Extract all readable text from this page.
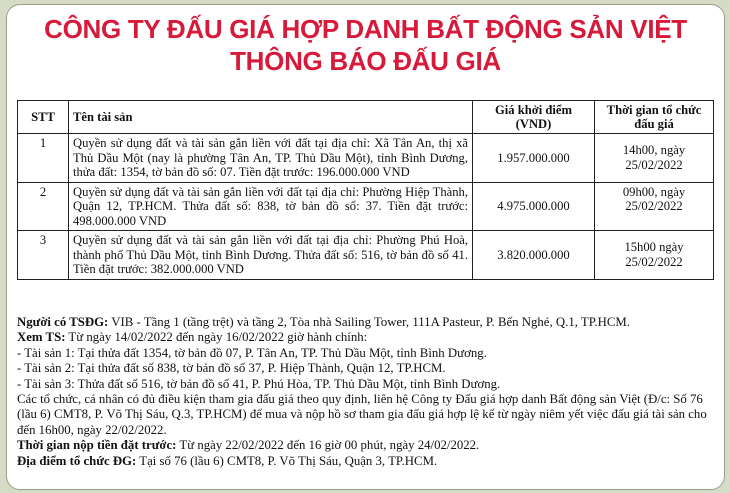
CÔNG TY ĐẤU GIÁ HỢP DANH BẤT ĐỘNG SẢN VIỆT
THÔNG BÁO ĐẤU GIÁ
STT	Tên tài sản	Giá khởi điểm (VND)	Thời gian tổ chức đấu giá
1	Quyền sử dụng đất và tài sản gắn liền với đất tại địa chỉ: Xã Tân An, thị xã Thủ Dầu Một (nay là phường Tân An, TP. Thủ Dầu Một), tỉnh Bình Dương, thửa đất: 1354, tờ bản đồ số: 07. Tiền đặt trước: 196.000.000 VND	1.957.000.000	14h00, ngày 25/02/2022
2	Quyền sử dụng đất và tài sản gắn liền với đất tại địa chỉ: Phường Hiệp Thành, Quận 12, TP.HCM. Thửa đất số: 838, tờ bản đồ số: 37. Tiền đặt trước: 498.000.000 VND	4.975.000.000	09h00, ngày 25/02/2022
3	Quyền sử dụng đất và tài sản gắn liền với đất tại địa chỉ: Phường Phú Hoà, thành phố Thủ Dầu Một, tỉnh Bình Dương. Thửa đất số: 516, tờ bản đồ số 41. Tiền đặt trước: 382.000.000 VND	3.820.000.000	15h00 ngày 25/02/2022

Người có TSĐG: VIB - Tầng 1 (tầng trệt) và tầng 2, Tòa nhà Sailing Tower, 111A Pasteur, P. Bến Nghé, Q.1, TP.HCM.

Xem TS: Từ ngày 14/02/2022 đến ngày 16/02/2022 giờ hành chính:

- Tài sản 1: Tại thửa đất 1354, tờ bản đồ 07, P. Tân An, TP. Thủ Dầu Một, tỉnh Bình Dương.

- Tài sản 2: Tại thửa đất số 838, tờ bản đồ số 37, P. Hiệp Thành, Quận 12, TP.HCM.

- Tài sản 3: Thửa đất số 516, tờ bản đồ số 41, P. Phú Hòa, TP. Thủ Dầu Một, tỉnh Bình Dương.

Các tổ chức, cá nhân có đủ điều kiện tham gia đấu giá theo quy định, liên hệ Công ty Đấu giá hợp danh Bất động sản Việt (Đ/c: Số 76 (lầu 6) CMT8, P. Võ Thị Sáu, Q.3, TP.HCM) để mua và nộp hồ sơ tham gia đấu giá hợp lệ kể từ ngày niêm yết việc đấu giá tài sản cho đến 16h00, ngày 22/02/2022.

Thời gian nộp tiền đặt trước: Từ ngày 22/02/2022 đến 16 giờ 00 phút, ngày 24/02/2022.

Địa điểm tổ chức ĐG: Tại số 76 (lầu 6) CMT8, P. Võ Thị Sáu, Quận 3, TP.HCM.
